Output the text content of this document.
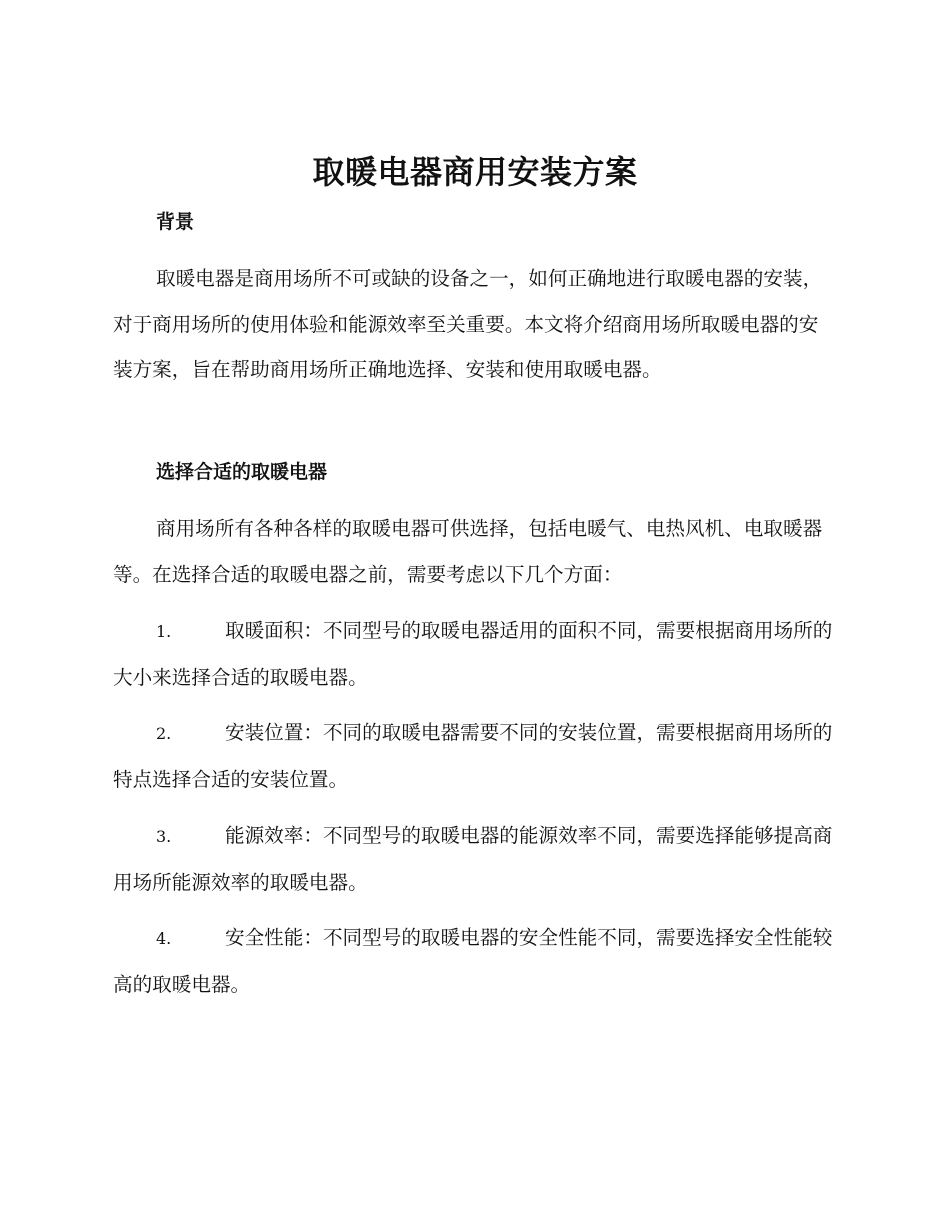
取暖电器商用安装方案
背景

取暖电器是商用场所不可或缺的设备之一，如何正确地进行取暖电器的安装，对于商用场所的使用体验和能源效率至关重要。本文将介绍商用场所取暖电器的安装方案，旨在帮助商用场所正确地选择、安装和使用取暖电器。

选择合适的取暖电器

商用场所有各种各样的取暖电器可供选择，包括电暖气、电热风机、电取暖器等。在选择合适的取暖电器之前，需要考虑以下几个方面：

1.	取暖面积：不同型号的取暖电器适用的面积不同，需要根据商用场所的大小来选择合适的取暖电器。

2.	安装位置：不同的取暖电器需要不同的安装位置，需要根据商用场所的特点选择合适的安装位置。

3.	能源效率：不同型号的取暖电器的能源效率不同，需要选择能够提高商用场所能源效率的取暖电器。

4.	安全性能：不同型号的取暖电器的安全性能不同，需要选择安全性能较高的取暖电器。
